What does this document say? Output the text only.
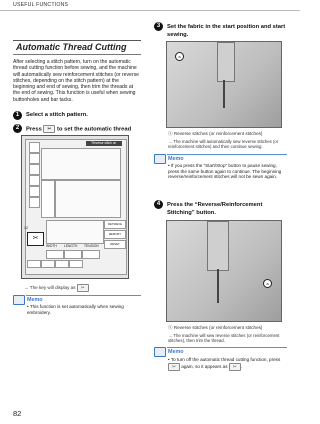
USEFUL FUNCTIONS
Automatic Thread Cutting
After selecting a stitch pattern, turn on the automatic thread cutting function before sewing, and the machine will automatically sew reinforcement stitches (or reverse stitches, depending on the stitch pattern) at the beginning and end of sewing, then trim the threads at the end of sewing. This function is useful when sewing buttonholes and bar tacks.
1	Select a stitch pattern.
2	Press ✂ to set the automatic thread
Reverse stitch on
12
✂
WIDTH LENGTH TENSION
RETRIEVE
MEMORY
RESET
→ The key will display as ✂
Memo
• This function is set automatically when sewing embroidery.
3	Set the fabric in the start position and start sewing.
a
ⓐ Reverse stitches (or reinforcement stitches)
→ The machine will automatically sew reverse stitches (or reinforcement stitches) and then continue sewing.
Memo
• If you press the “Start/Stop” button to pause sewing, press the same button again to continue. The beginning reverse/reinforcement stitches will not be sewn again.
4	Press the “Reverse/Reinforcement Stitching” button.
a
ⓐ Reverse stitches (or reinforcement stitches)
→ The machine will sew reverse stitches (or reinforcement stitches), then trim the thread.
Memo
• To turn off the automatic thread cutting function, press ✂ again, so it appears as ✂ .
82
